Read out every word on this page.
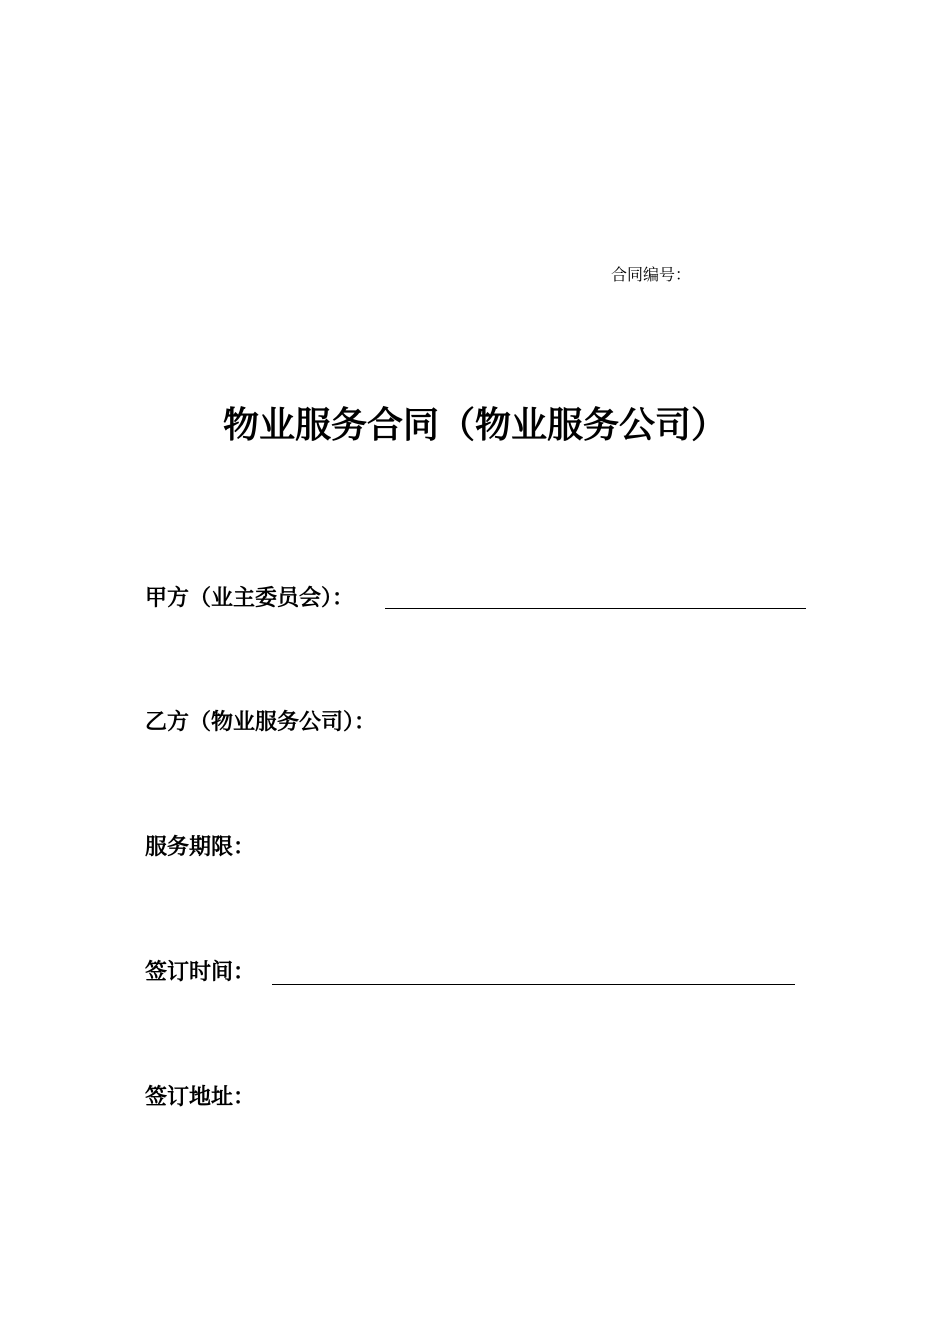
合同编号：
物业服务合同（物业服务公司）
甲方（业主委员会）：
乙方（物业服务公司）：
服务期限：
签订时间：
签订地址：
